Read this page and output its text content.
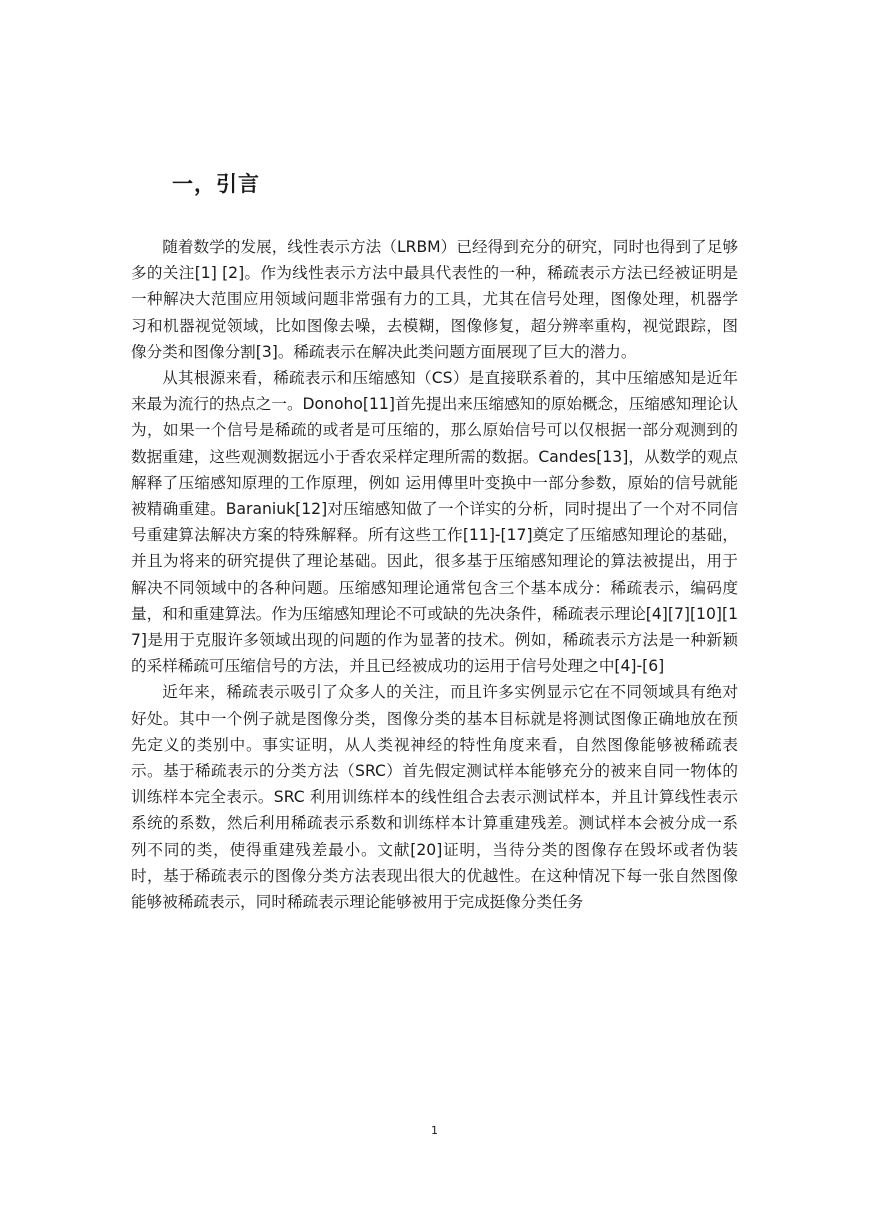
一，引言

随着数学的发展，线性表示方法（LRBM）已经得到充分的研究，同时也得到了足够多的关注[1] [2]。作为线性表示方法中最具代表性的一种，稀疏表示方法已经被证明是一种解决大范围应用领域问题非常强有力的工具，尤其在信号处理，图像处理，机器学习和机器视觉领域，比如图像去噪，去模糊，图像修复，超分辨率重构，视觉跟踪，图像分类和图像分割[3]。稀疏表示在解决此类问题方面展现了巨大的潜力。

从其根源来看，稀疏表示和压缩感知（CS）是直接联系着的，其中压缩感知是近年来最为流行的热点之一。Donoho[11]首先提出来压缩感知的原始概念，压缩感知理论认为，如果一个信号是稀疏的或者是可压缩的，那么原始信号可以仅根据一部分观测到的数据重建，这些观测数据远小于香农采样定理所需的数据。Candes[13]，从数学的观点解释了压缩感知原理的工作原理，例如 运用傅里叶变换中一部分参数，原始的信号就能被精确重建。Baraniuk[12]对压缩感知做了一个详实的分析，同时提出了一个对不同信号重建算法解决方案的特殊解释。所有这些工作[11]-[17]奠定了压缩感知理论的基础，并且为将来的研究提供了理论基础。因此，很多基于压缩感知理论的算法被提出，用于解决不同领域中的各种问题。压缩感知理论通常包含三个基本成分：稀疏表示，编码度量，和和重建算法。作为压缩感知理论不可或缺的先决条件，稀疏表示理论[4][7][10][17]是用于克服许多领域出现的问题的作为显著的技术。例如，稀疏表示方法是一种新颖的采样稀疏可压缩信号的方法，并且已经被成功的运用于信号处理之中[4]-[6]

近年来，稀疏表示吸引了众多人的关注，而且许多实例显示它在不同领域具有绝对好处。其中一个例子就是图像分类，图像分类的基本目标就是将测试图像正确地放在预先定义的类别中。事实证明，从人类视神经的特性角度来看，自然图像能够被稀疏表示。基于稀疏表示的分类方法（SRC）首先假定测试样本能够充分的被来自同一物体的训练样本完全表示。SRC 利用训练样本的线性组合去表示测试样本，并且计算线性表示系统的系数，然后利用稀疏表示系数和训练样本计算重建残差。测试样本会被分成一系列不同的类，使得重建残差最小。文献[20]证明，当待分类的图像存在毁坏或者伪装时，基于稀疏表示的图像分类方法表现出很大的优越性。在这种情况下每一张自然图像能够被稀疏表示，同时稀疏表示理论能够被用于完成挺像分类任务

1
